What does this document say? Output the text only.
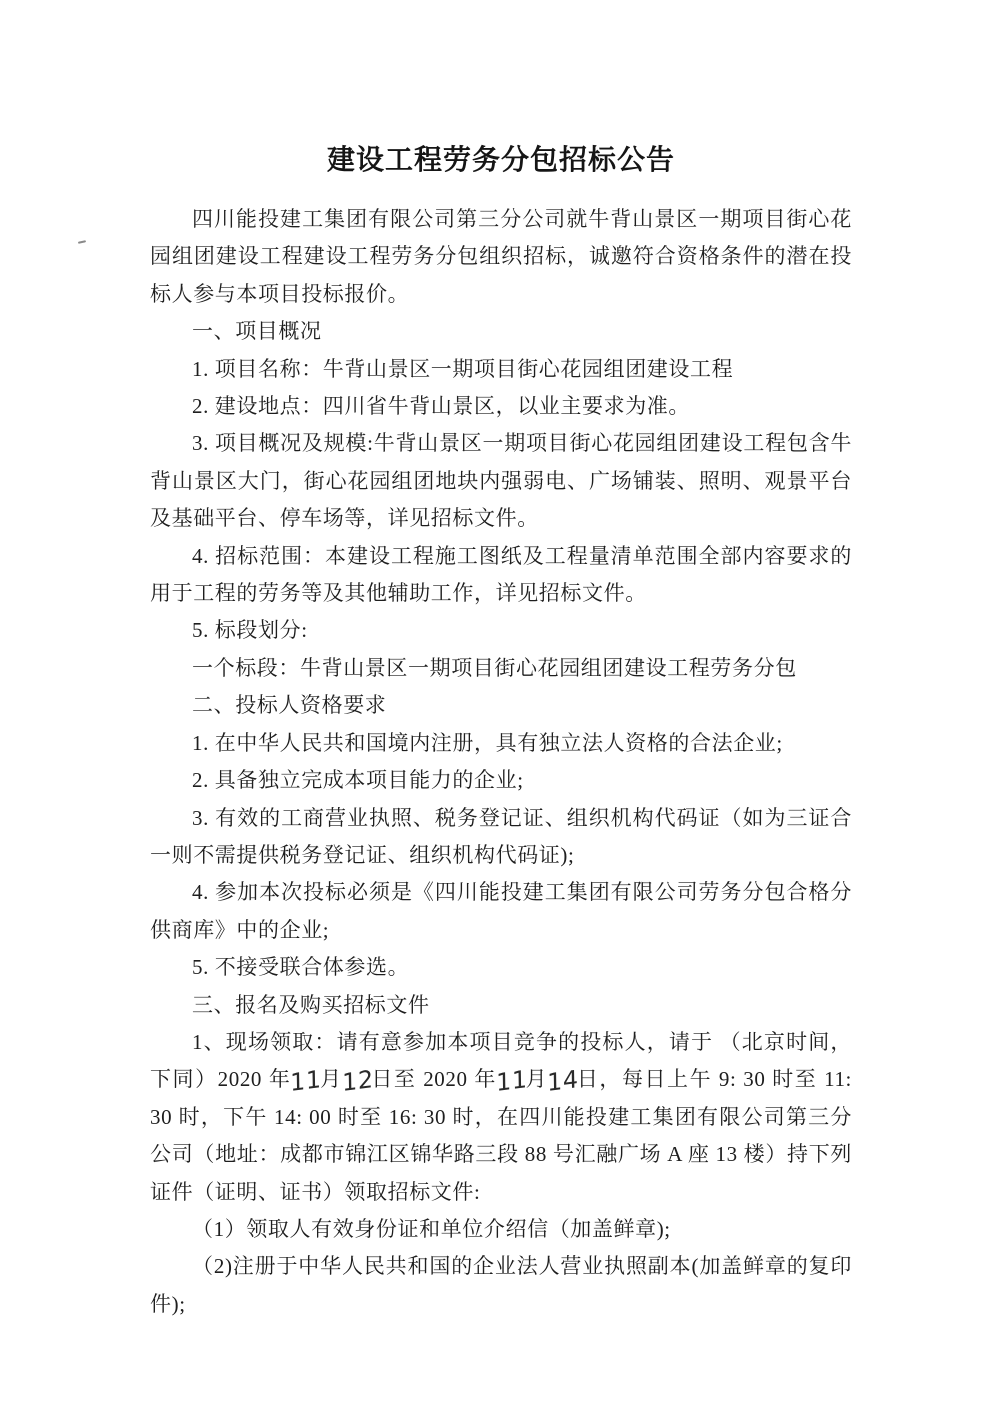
建设工程劳务分包招标公告

四川能投建工集团有限公司第三分公司就牛背山景区一期项目街心花园组团建设工程建设工程劳务分包组织招标，诚邀符合资格条件的潜在投标人参与本项目投标报价。

一、项目概况

1. 项目名称：牛背山景区一期项目街心花园组团建设工程

2. 建设地点：四川省牛背山景区，以业主要求为准。

3. 项目概况及规模:牛背山景区一期项目街心花园组团建设工程包含牛背山景区大门，街心花园组团地块内强弱电、广场铺装、照明、观景平台及基础平台、停车场等，详见招标文件。

4. 招标范围：本建设工程施工图纸及工程量清单范围全部内容要求的用于工程的劳务等及其他辅助工作，详见招标文件。

5. 标段划分:

一个标段：牛背山景区一期项目街心花园组团建设工程劳务分包

二、投标人资格要求

1. 在中华人民共和国境内注册，具有独立法人资格的合法企业;

2. 具备独立完成本项目能力的企业;

3. 有效的工商营业执照、税务登记证、组织机构代码证（如为三证合一则不需提供税务登记证、组织机构代码证);

4. 参加本次投标必须是《四川能投建工集团有限公司劳务分包合格分供商库》中的企业;

5. 不接受联合体参选。

三、报名及购买招标文件

1、现场领取：请有意参加本项目竞争的投标人，请于 （北京时间，下同）2020 年11月12日至 2020 年11月14日，每日上午 9: 30 时至 11: 30 时，下午 14: 00 时至 16: 30 时，在四川能投建工集团有限公司第三分公司（地址：成都市锦江区锦华路三段 88 号汇融广场 A 座 13 楼）持下列证件（证明、证书）领取招标文件:

（1）领取人有效身份证和单位介绍信（加盖鲜章);

（2)注册于中华人民共和国的企业法人营业执照副本(加盖鲜章的复印件);
